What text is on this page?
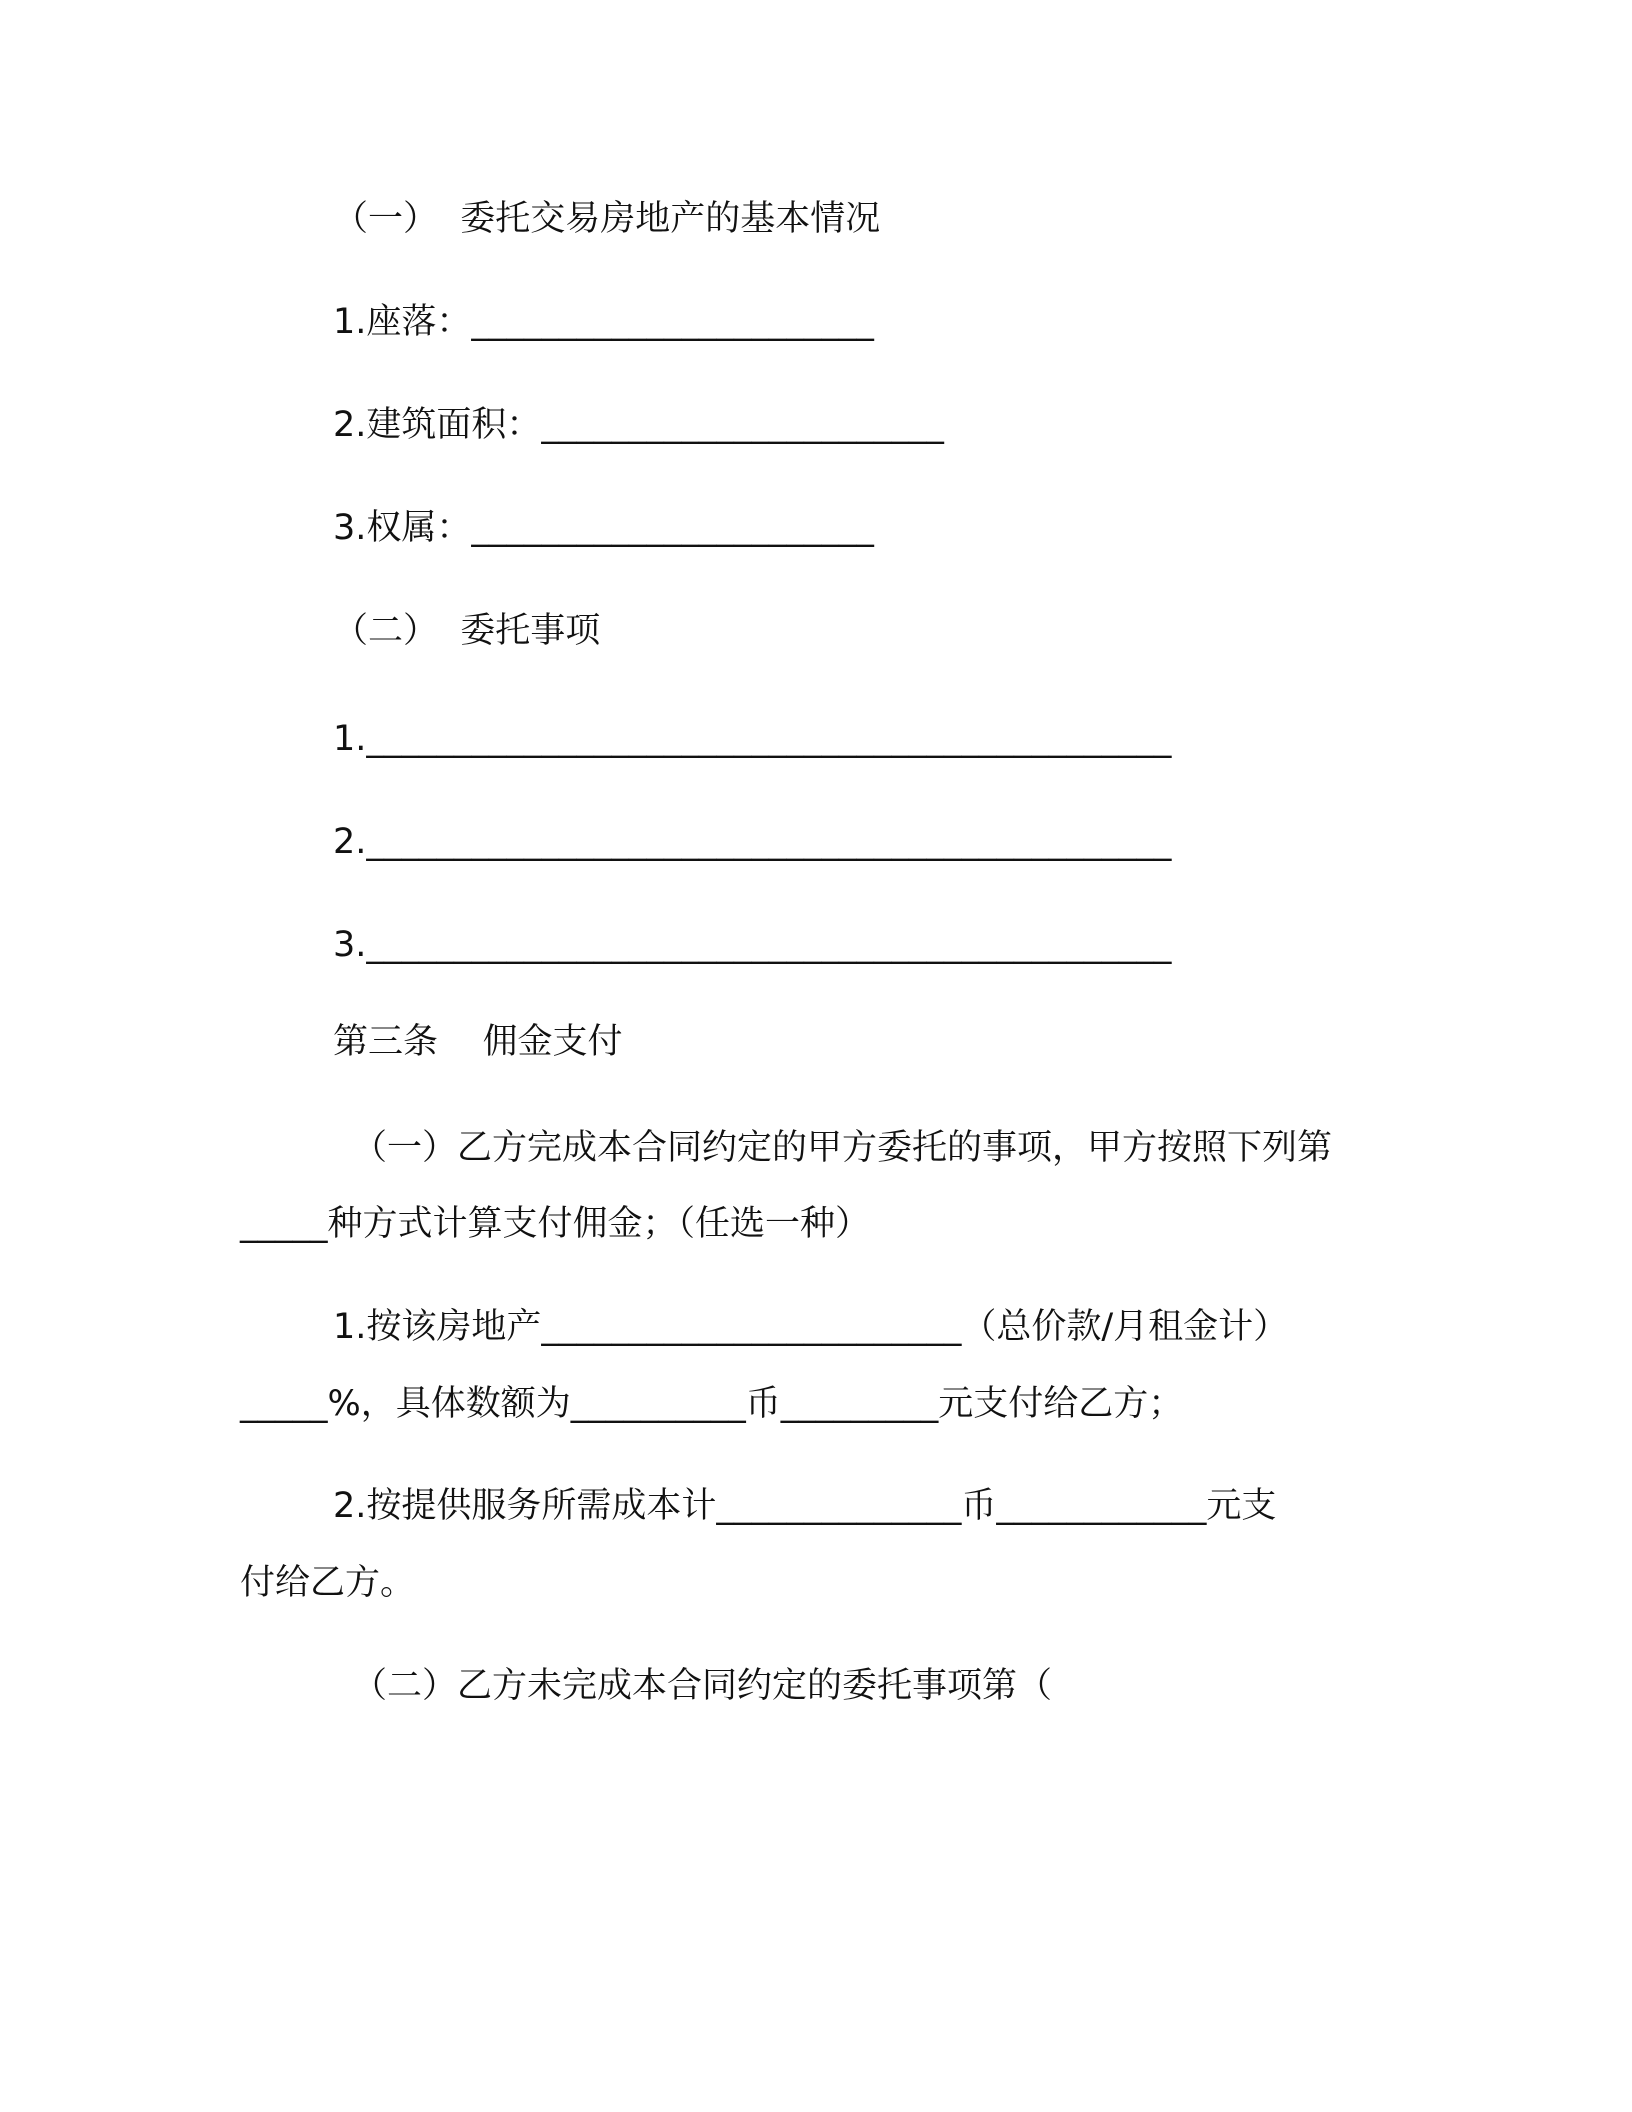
（一）  委托交易房地产的基本情况
1.座落：_______________________
2.建筑面积：_______________________
3.权属：_______________________
（二）  委托事项
1.______________________________________________
2.______________________________________________
3.______________________________________________
第三条    佣金支付
（一）乙方完成本合同约定的甲方委托的事项，甲方按照下列第
_____种方式计算支付佣金；（任选一种）
1.按该房地产________________________（总价款/月租金计）
_____%，具体数额为__________币_________元支付给乙方；
2.按提供服务所需成本计______________币____________元支
付给乙方。
（二）乙方未完成本合同约定的委托事项第（
